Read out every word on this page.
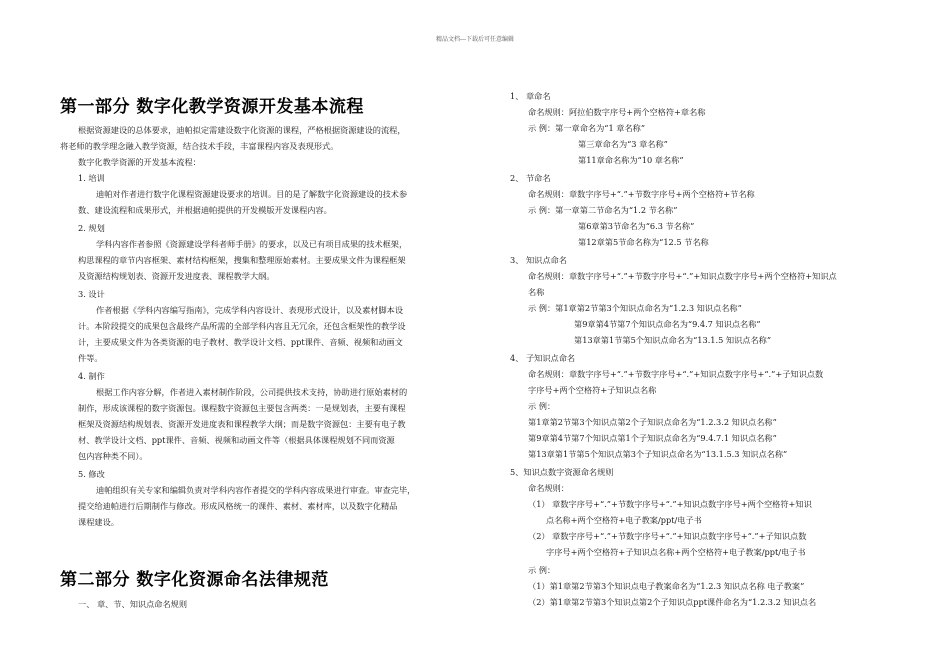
精品文档---下载后可任意编辑
第一部分 数字化教学资源开发基本流程
根据资源建设的总体要求，迪帕拟定需建设数字化资源的课程，严格根据资源建设的流程，
将老师的教学理念融入教学资源，结合技术手段，丰富课程内容及表现形式。
数字化教学资源的开发基本流程：
1. 培训
迪帕对作者进行数字化课程资源建设要求的培训。目的是了解数字化资源建设的技术参
数、建设流程和成果形式，并根据迪帕提供的开发模版开发课程内容。
2. 规划
学科内容作者参照《资源建设学科者师手册》的要求，以及已有项目成果的技术框架，
构思课程的章节内容框架、素材结构框架，搜集和整理原始素材。主要成果文件为课程框架
及资源结构规划表、资源开发进度表、课程教学大纲。
3. 设计
作者根据《学科内容编写指南》，完成学科内容设计、表现形式设计，以及素材脚本设
计。本阶段提交的成果包含最终产品所需的全部学科内容且无冗余，还包含框架性的教学设
计，主要成果文件为各类资源的电子教材、教学设计文档、ppt课件、音频、视频和动画文
件等。
4. 制作
根据工作内容分解，作者进入素材制作阶段，公司提供技术支持，协助进行原始素材的
制作，形成该课程的数字资源包。课程数字资源包主要包含两类：一是规划表，主要有课程
框架及资源结构规划表、资源开发进度表和课程教学大纲；而是数字资源包：主要有电子教
材、教学设计文档、ppt课件、音频、视频和动画文件等（根据具体课程规划不同而资源
包内容种类不同）。
5. 修改
迪帕组织有关专家和编辑负责对学科内容作者提交的学科内容成果进行审查。审查完毕，
提交给迪帕进行后期制作与修改。形成风格统一的课件、素材、素材库，以及数字化精品
课程建设。
第二部分 数字化资源命名法律规范
一、 章、节、知识点命名规则
1、 章命名
命名规则：阿拉伯数字序号+两个空格符+章名称
示 例：第一章命名为“1 章名称”
第三章命名为“3 章名称”
第11章命名称为“10 章名称”
2、 节命名
命名规则：章数字序号+“.”+节数字序号+两个空格符+节名称
示 例：第一章第二节命名为“1.2 节名称”
第6章第3节命名为“6.3 节名称”
第12章第5节命名称为“12.5 节名称
3、 知识点命名
命名规则：章数字序号+“.”+节数字序号+“.”+知识点数字序号+两个空格符+知识点
名称
示 例：第1章第2节第3个知识点命名为“1.2.3 知识点名称”
第9章第4节第7个知识点命名为“9.4.7 知识点名称”
第13章第1节第5个知识点命名为“13.1.5 知识点名称”
4、 子知识点命名
命名规则：章数字序号+“.”+节数字序号+“.”+知识点数字序号+“.”+子知识点数
字序号+两个空格符+子知识点名称
示 例：
第1章第2节第3个知识点第2个子知识点命名为“1.2.3.2 知识点名称”
第9章第4节第7个知识点第1个子知识点命名为“9.4.7.1 知识点名称”
第13章第1节第5个知识点第3个子知识点命名为“13.1.5.3 知识点名称”
5、知识点数字资源命名规则
命名规则：
（1） 章数字序号+“.”+节数字序号+“.”+知识点数字序号+两个空格符+知识
点名称+两个空格符+电子教案/ppt/电子书
（2） 章数字序号+“.”+节数字序号+“.”+知识点数字序号+“.”+子知识点数
字序号+两个空格符+子知识点名称+两个空格符+电子教案/ppt/电子书
示 例：
（1）第1章第2节第3个知识点电子教案命名为“1.2.3 知识点名称 电子教案”
（2）第1章第2节第3个知识点第2个子知识点ppt课件命名为“1.2.3.2 知识点名
